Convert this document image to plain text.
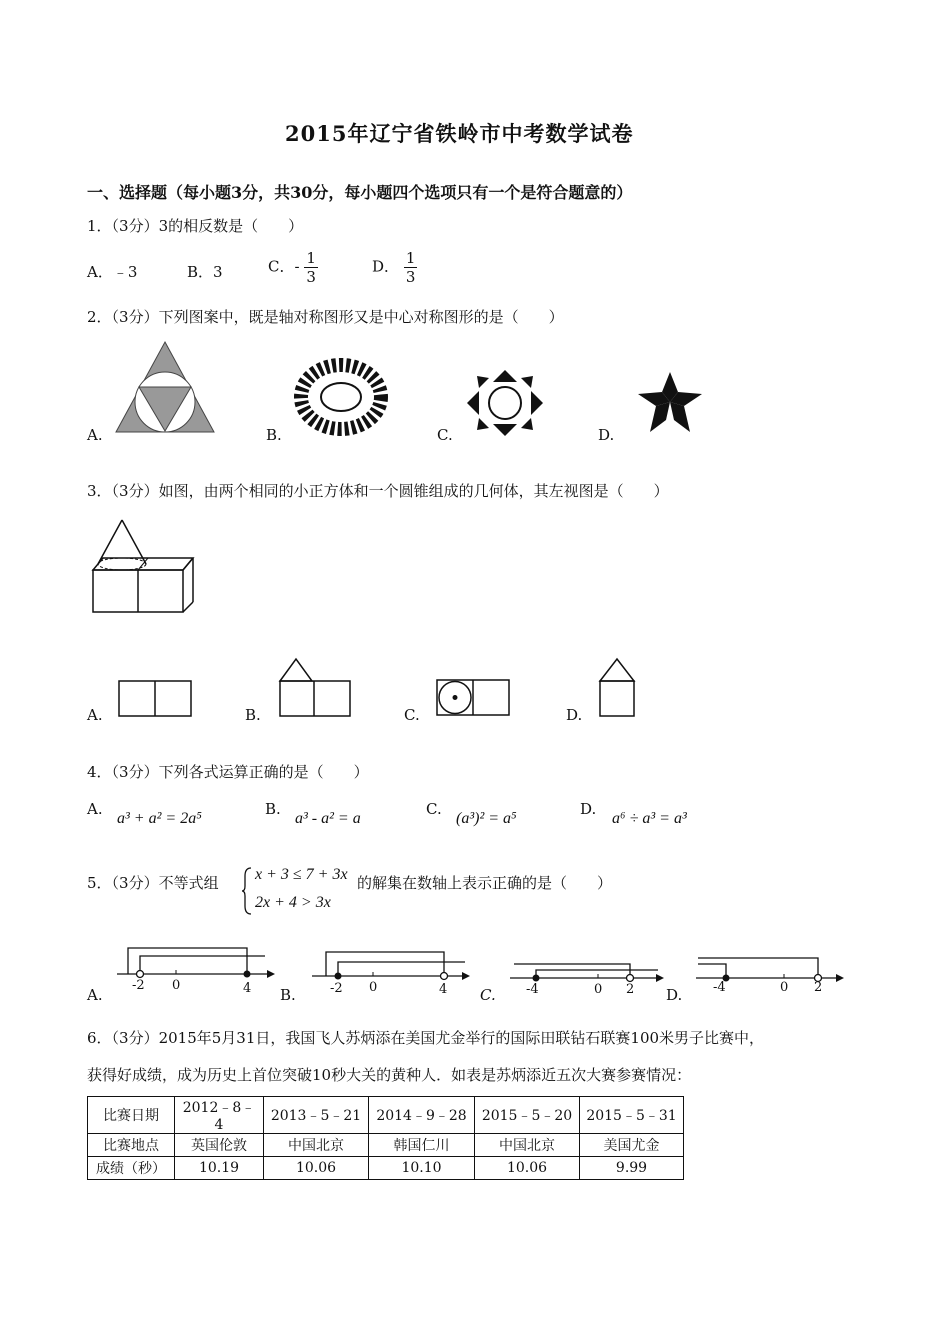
2015年辽宁省铁岭市中考数学试卷
一、选择题（每小题3分，共30分，每小题四个选项只有一个是符合题意的）
1．（3分）3的相反数是（　　）
A．﹣3	B．3	C．- $\frac{1}{3}$	D． $\frac{1}{3}$
2．（3分）下列图案中，既是轴对称图形又是中心对称图形的是（　　）
A.	B.	C.	D.
3．（3分）如图，由两个相同的小正方体和一个圆锥组成的几何体，其左视图是（　　）
A.	B.	C.	D.
4．（3分）下列各式运算正确的是（　　）
A.
a³ + a² = 2a⁵
B.
a³ - a² = a
C.
(a³)² = a⁵
D.
a⁶ ÷ a³ = a³
5．（3分）不等式组 x + 3 ≤ 7 + 3x
2x + 4 > 3x
的解集在数轴上表示正确的是（　　）
A.
-2 0	4 B.	-2 0	4 C. -4	0 2 D. -4	0 2
6．（3分）2015年5月31日，我国飞人苏炳添在美国尤金举行的国际田联钻石联赛100米男子比赛中，
获得好成绩，成为历史上首位突破10秒大关的黄种人．如表是苏炳添近五次大赛参赛情况：
比赛日期	2012﹣8﹣4	2013﹣5﹣21	2014﹣9﹣28	2015﹣5﹣20	2015﹣5﹣31
比赛地点	英国伦敦	中国北京	韩国仁川	中国北京	美国尤金
成绩（秒）	10.19	10.06	10.10	10.06	9.99
